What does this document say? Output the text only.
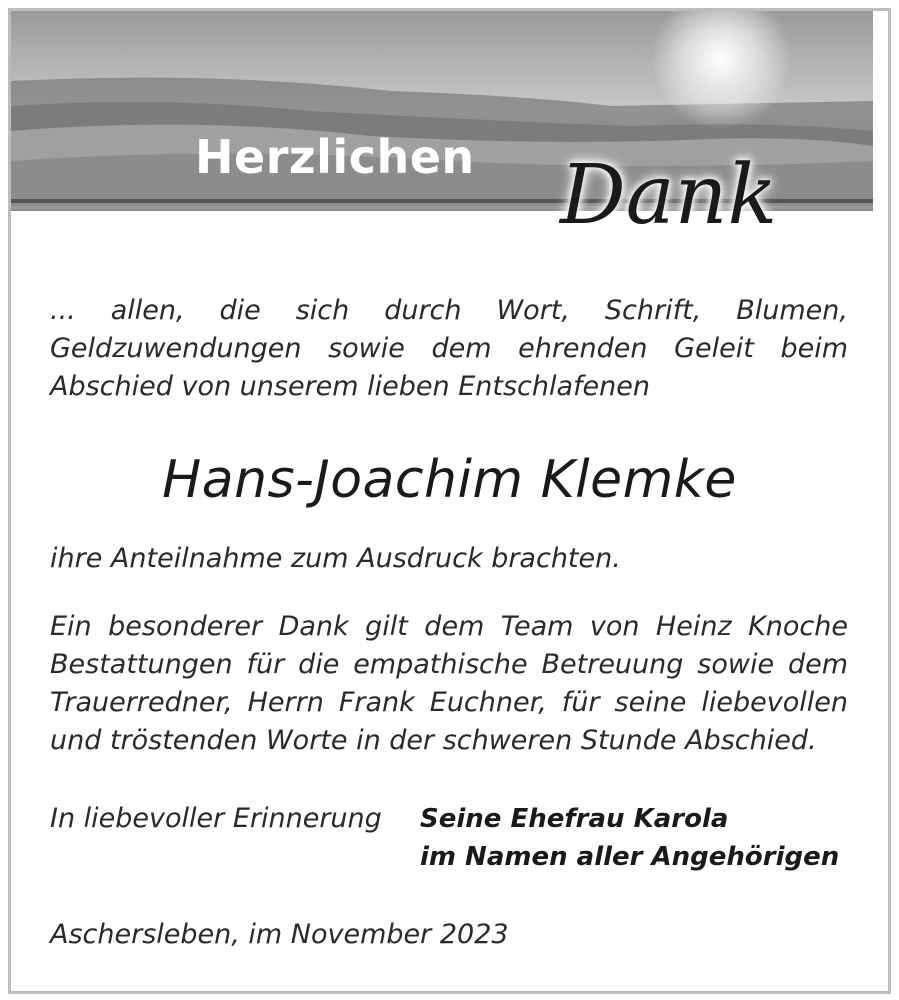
Herzlichen Dank

... allen, die sich durch Wort, Schrift, Blumen, Geldzuwendungen sowie dem ehrenden Geleit beim Abschied von unserem lieben Entschlafenen

Hans-Joachim Klemke

ihre Anteilnahme zum Ausdruck brachten.

Ein besonderer Dank gilt dem Team von Heinz Knoche Bestattungen für die empathische Betreuung sowie dem Trauerredner, Herrn Frank Euchner, für seine liebevollen und tröstenden Worte in der schweren Stunde Abschied.

In liebevoller Erinnerung	Seine Ehefrau Karola
im Namen aller Angehörigen

Aschersleben, im November 2023
